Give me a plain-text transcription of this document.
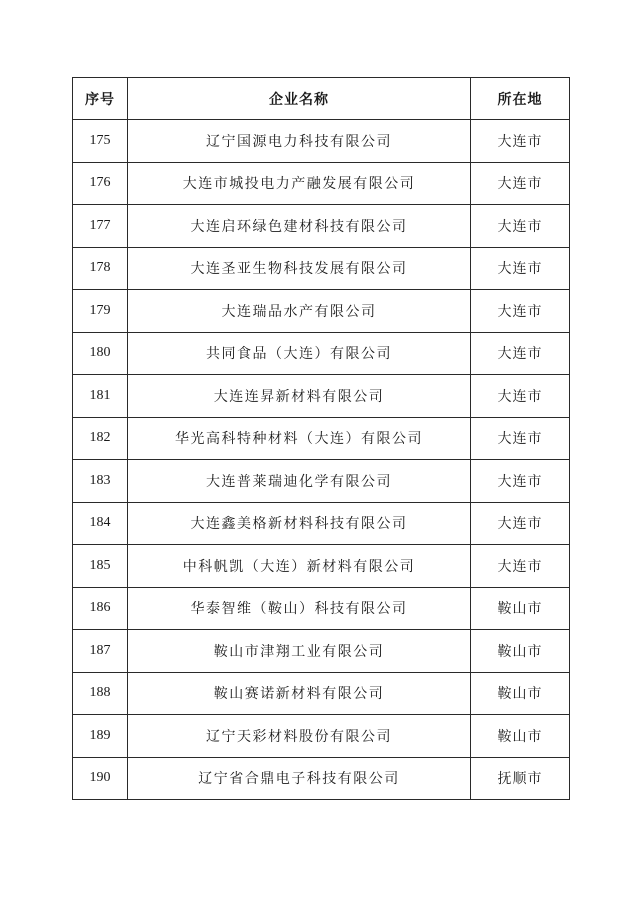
序号	企业名称	所在地
175	辽宁国源电力科技有限公司	大连市
176	大连市城投电力产融发展有限公司	大连市
177	大连启环绿色建材科技有限公司	大连市
178	大连圣亚生物科技发展有限公司	大连市
179	大连瑞品水产有限公司	大连市
180	共同食品（大连）有限公司	大连市
181	大连连昇新材料有限公司	大连市
182	华光高科特种材料（大连）有限公司	大连市
183	大连普莱瑞迪化学有限公司	大连市
184	大连鑫美格新材料科技有限公司	大连市
185	中科帆凯（大连）新材料有限公司	大连市
186	华泰智维（鞍山）科技有限公司	鞍山市
187	鞍山市津翔工业有限公司	鞍山市
188	鞍山赛诺新材料有限公司	鞍山市
189	辽宁天彩材料股份有限公司	鞍山市
190	辽宁省合鼎电子科技有限公司	抚顺市
